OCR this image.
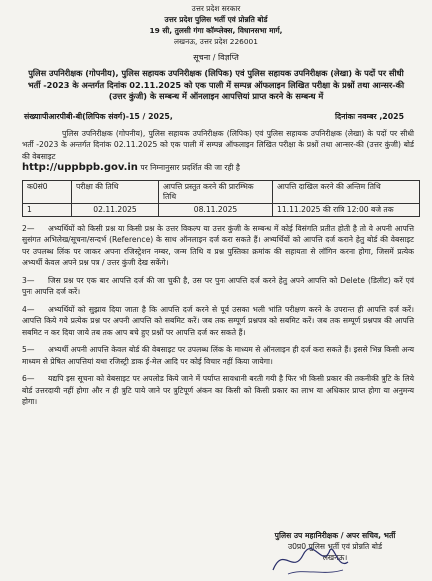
उत्तर प्रदेश सरकार
उत्तर प्रदेश पुलिस भर्ती एवं प्रोन्नति बोर्ड
19 सी, तुलसी गंगा कॉम्प्लेक्स, विधानसभा मार्ग,
लखनऊ, उत्तर प्रदेश 226001
सूचना / विज्ञप्ति
पुलिस उपनिरीक्षक (गोपनीय), पुलिस सहायक उपनिरीक्षक (लिपिक) एवं पुलिस सहायक उपनिरीक्षक (लेखा) के पदों पर सीधी भर्ती -2023 के अन्तर्गत दिनांक 02.11.2025 को एक पाली में सम्पन्न ऑफलाइन लिखित परीक्षा के प्रश्नों तथा आन्सर-की (उत्तर कुंजी) के सम्बन्ध में ऑनलाइन आपत्तियां प्राप्त करने के सम्बन्ध में
संख्याःपीआरपीबी-बी(लिपिक संवर्ग)-15 / 2025,	दिनांकः नवम्बर ,2025
पुलिस उपनिरीक्षक (गोपनीय), पुलिस सहायक उपनिरीक्षक (लिपिक) एवं पुलिस सहायक उपनिरीक्षक (लेखा) के पदों पर सीधी भर्ती -2023 के अन्तर्गत दिनांक 02.11.2025 को एक पाली में सम्पन्न ऑफलाइन लिखित परीक्षा के प्रश्नों तथा आन्सर-की (उत्तर कुंजी) बोर्ड की वेबसाइट
http://uppbpb.gov.in पर निम्नानुसार प्रदर्शित की जा रही है
क0सं0	परीक्षा की तिथि	आपत्ति प्रस्तुत करने की प्रारम्भिक तिथि	आपत्ति दाखिल करने की अन्तिम तिथि
1	02.11.2025	08.11.2025	11.11.2025 की रात्रि 12:00 बजे तक

2— अभ्यर्थियों को किसी प्रश्न या किसी प्रश्न के उत्तर विकल्प या उत्तर कुंजी के सम्बन्ध में कोई विसंगति प्रतीत होती है तो वे अपनी आपत्ति सुसंगत अभिलेख/सूचना/सन्दर्भ (Reference) के साथ ऑनलाइन दर्ज करा सकते हैं। अभ्यर्थियों को आपत्ति दर्ज कराने हेतु बोर्ड की वेबसाइट पर उपलब्ध लिंक पर जाकर अपना रजिस्ट्रेशन नम्बर, जन्म तिथि व प्रश्न पुस्तिका क्रमांक की सहायता से लॉगिन करना होगा, जिसमें प्रत्येक अभ्यर्थी केवल अपने प्रश्न पत्र / उत्तर कुंजी देख सकेंगे।

3— जिस प्रश्न पर एक बार आपत्ति दर्ज की जा चुकी है, उस पर पुनः आपत्ति दर्ज करने हेतु अपने आपत्ति को Delete (डिलीट) करें एवं पुनः आपत्ति दर्ज करें।

4— अभ्यर्थियों को सुझाव दिया जाता है कि आपत्ति दर्ज करने से पूर्व उसका भली भांति परीक्षण करने के उपरान्त ही आपत्ति दर्ज करें। आपत्ति किये गये प्रत्येक प्रश्न पर अपनी आपत्ति को सबमिट करें। जब तक सम्पूर्ण प्रश्नपत्र को सबमिट करें। जब तक सम्पूर्ण प्रश्नपत्र की आपत्ति सबमिट न कर दिया जाये तब तक आप बचे हुए प्रश्नों पर आपत्ति दर्ज कर सकते हैं।

5— अभ्यर्थी अपनी आपत्ति केवल बोर्ड की वेबसाइट पर उपलब्ध लिंक के माध्यम से ऑनलाइन ही दर्ज करा सकते हैं। इससे भिन्न किसी अन्य माध्यम से प्रेषित आपत्तियां यथा रजिस्ट्री डाक ई-मेल आदि पर कोई विचार नहीं किया जायेगा।

6— यद्यपि इस सूचना को वेबसाइट पर अपलोड किये जाने में पर्याप्त सावधानी बरती गयी है फिर भी किसी प्रकार की तकनीकी त्रुटि के लिये बोर्ड उत्तरदायी नहीं होगा और न ही त्रुटि पाये जाने पर त्रुटिपूर्ण अंकन का किसी को किसी प्रकार का लाभ या अधिकार प्राप्त होगा या अनुमन्य होगा।

पुलिस उप महानिरीक्षक / अपर सचिव, भर्ती
उ0प्र0 पुलिस भर्ती एवं प्रोन्नति बोर्ड
लखनऊ।
